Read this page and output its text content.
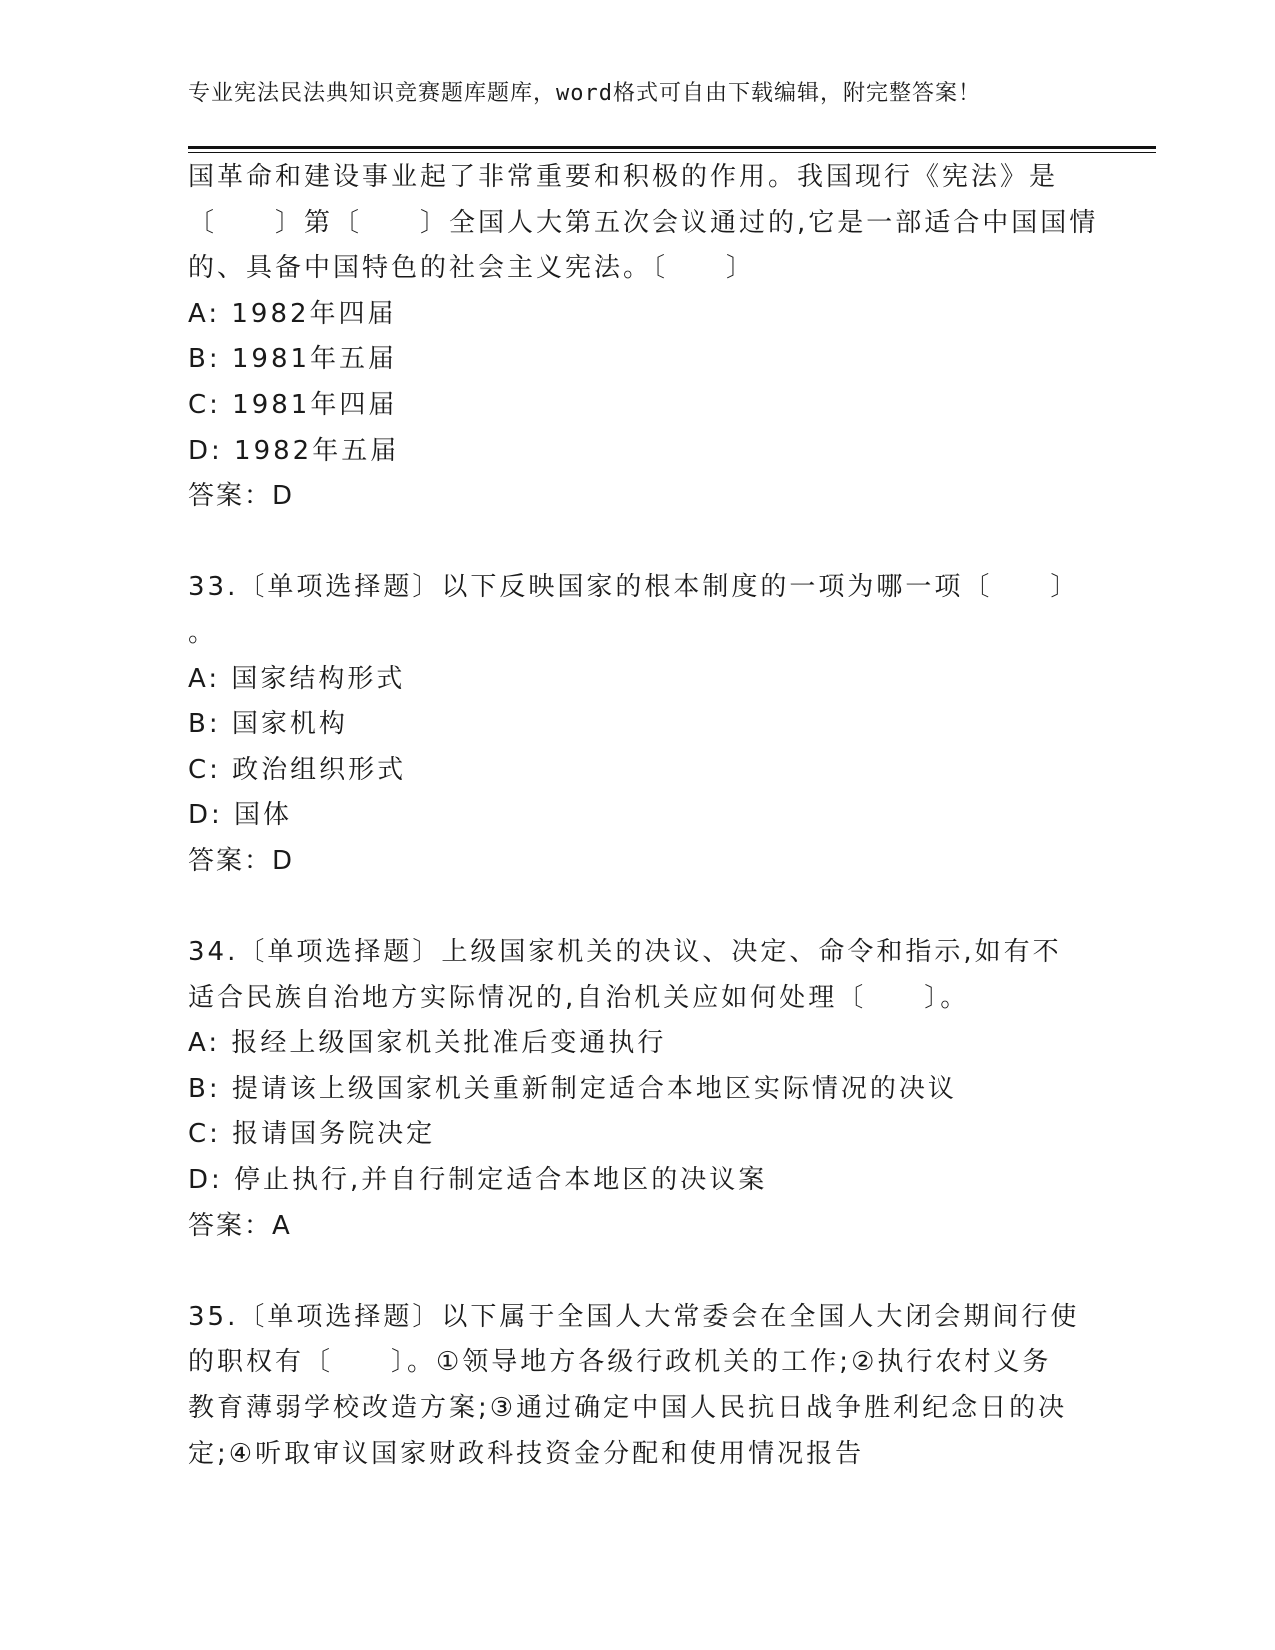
专业宪法民法典知识竞赛题库题库，word格式可自由下载编辑，附完整答案！
国革命和建设事业起了非常重要和积极的作用。我国现行《宪法》是
〔　　〕第〔　　〕全国人大第五次会议通过的,它是一部适合中国国情
的、具备中国特色的社会主义宪法。〔　　〕
A: 1982年四届
B: 1981年五届
C: 1981年四届
D: 1982年五届
答案：D
33.〔单项选择题〕以下反映国家的根本制度的一项为哪一项〔　　〕
。
A: 国家结构形式
B: 国家机构
C: 政治组织形式
D: 国体
答案：D
34.〔单项选择题〕上级国家机关的决议、决定、命令和指示,如有不
适合民族自治地方实际情况的,自治机关应如何处理〔　　〕。
A: 报经上级国家机关批准后变通执行
B: 提请该上级国家机关重新制定适合本地区实际情况的决议
C: 报请国务院决定
D: 停止执行,并自行制定适合本地区的决议案
答案：A
35.〔单项选择题〕以下属于全国人大常委会在全国人大闭会期间行使
的职权有〔　　〕。①领导地方各级行政机关的工作;②执行农村义务
教育薄弱学校改造方案;③通过确定中国人民抗日战争胜利纪念日的决
定;④听取审议国家财政科技资金分配和使用情况报告
